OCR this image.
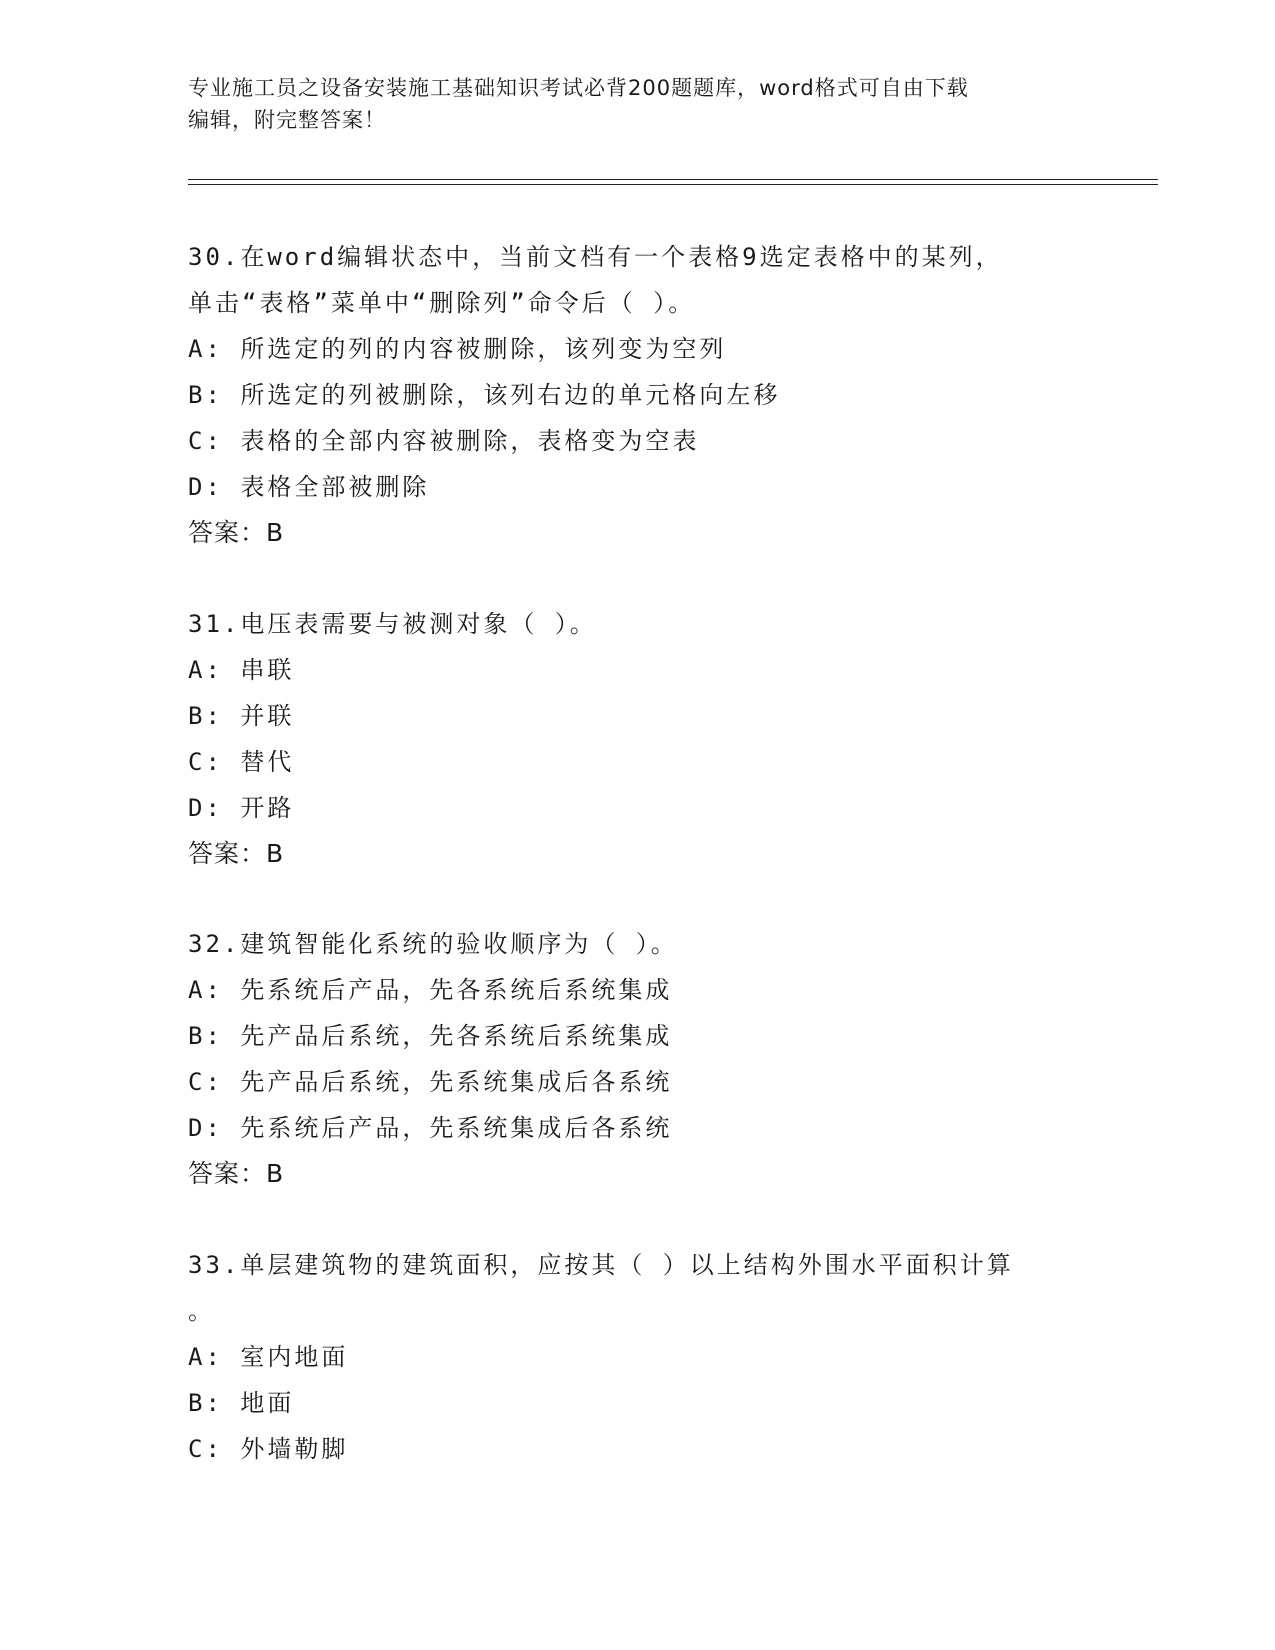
专业施工员之设备安装施工基础知识考试必背200题题库，word格式可自由下载
编辑，附完整答案！
30.在word编辑状态中，当前文档有一个表格9选定表格中的某列，
单击“表格”菜单中“删除列”命令后（ ）。
A: 所选定的列的内容被删除，该列变为空列
B: 所选定的列被删除，该列右边的单元格向左移
C: 表格的全部内容被删除，表格变为空表
D: 表格全部被删除
答案：B
31.电压表需要与被测对象（ ）。
A: 串联
B: 并联
C: 替代
D: 开路
答案：B
32.建筑智能化系统的验收顺序为（ ）。
A: 先系统后产品，先各系统后系统集成
B: 先产品后系统，先各系统后系统集成
C: 先产品后系统，先系统集成后各系统
D: 先系统后产品，先系统集成后各系统
答案：B
33.单层建筑物的建筑面积，应按其（ ）以上结构外围水平面积计算
。
A: 室内地面
B: 地面
C: 外墙勒脚
